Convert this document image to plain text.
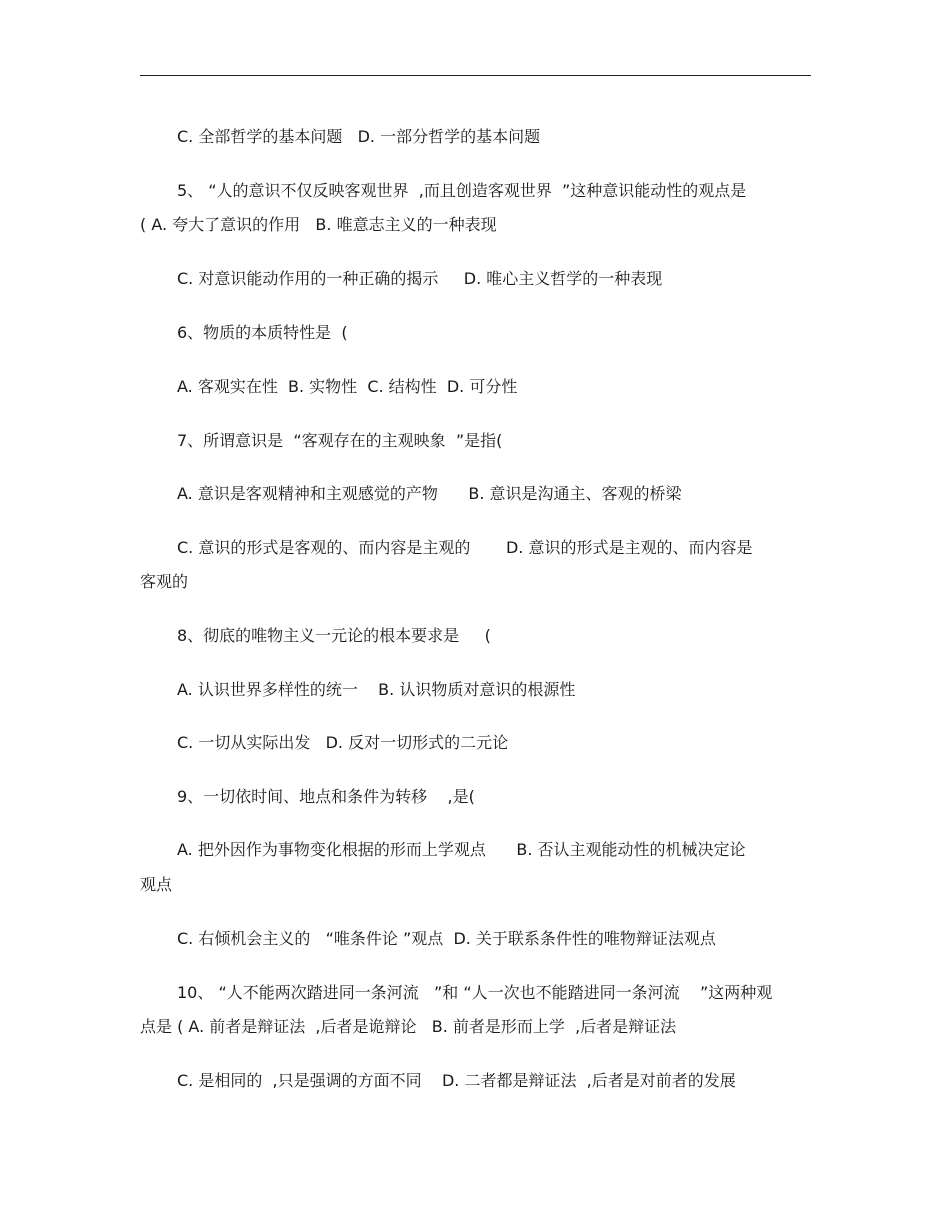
C. 全部哲学的基本问题   D. 一部分哲学的基本问题
5、 “人的意识不仅反映客观世界  ,而且创造客观世界  ”这种意识能动性的观点是
( A. 夸大了意识的作用   B. 唯意志主义的一种表现
C. 对意识能动作用的一种正确的揭示     D. 唯心主义哲学的一种表现
6、物质的本质特性是  (
A. 客观实在性  B. 实物性  C. 结构性  D. 可分性
7、所谓意识是  “客观存在的主观映象  ”是指(
A. 意识是客观精神和主观感觉的产物      B. 意识是沟通主、客观的桥梁
C. 意识的形式是客观的、而内容是主观的       D. 意识的形式是主观的、而内容是
客观的
8、彻底的唯物主义一元论的根本要求是     (
A. 认识世界多样性的统一    B. 认识物质对意识的根源性
C. 一切从实际出发   D. 反对一切形式的二元论
9、一切依时间、地点和条件为转移    ,是(
A. 把外因作为事物变化根据的形而上学观点      B. 否认主观能动性的机械决定论
观点
C. 右倾机会主义的   “唯条件论 ”观点  D. 关于联系条件性的唯物辩证法观点
10、 “人不能两次踏进同一条河流   ”和 “人一次也不能踏进同一条河流    ”这两种观
点是 ( A. 前者是辩证法  ,后者是诡辩论   B. 前者是形而上学  ,后者是辩证法
C. 是相同的  ,只是强调的方面不同    D. 二者都是辩证法  ,后者是对前者的发展
